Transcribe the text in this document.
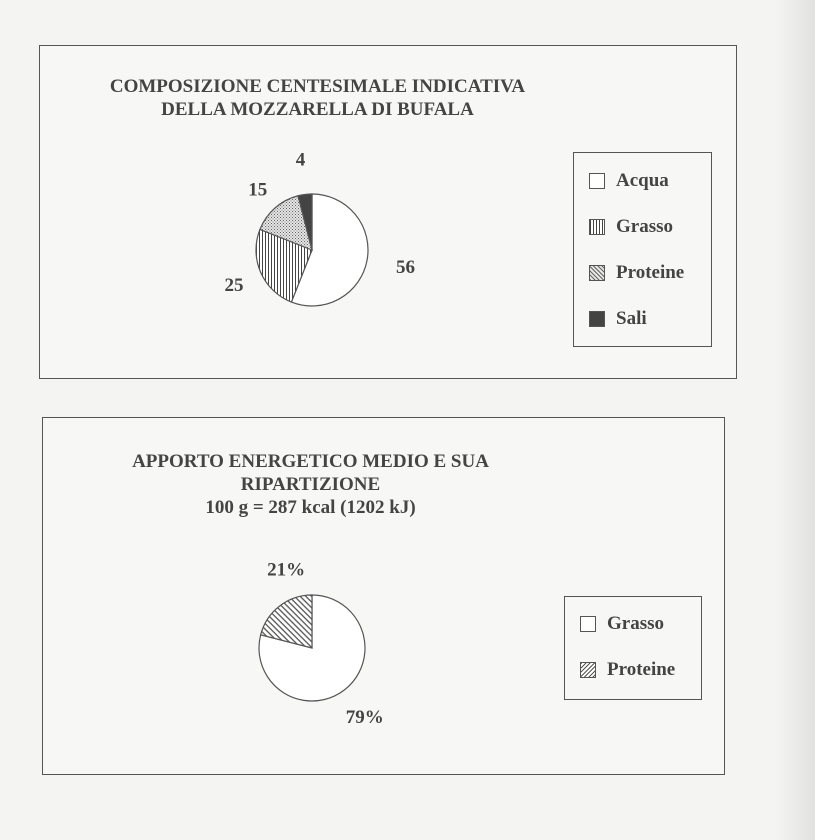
COMPOSIZIONE CENTESIMALE INDICATIVA
DELLA MOZZARELLA DI BUFALA
56
25
15
4
Acqua
Grasso
Proteine
Sali
APPORTO ENERGETICO MEDIO E SUA
RIPARTIZIONE
100 g = 287 kcal (1202 kJ)
79%
21%
Grasso
Proteine
